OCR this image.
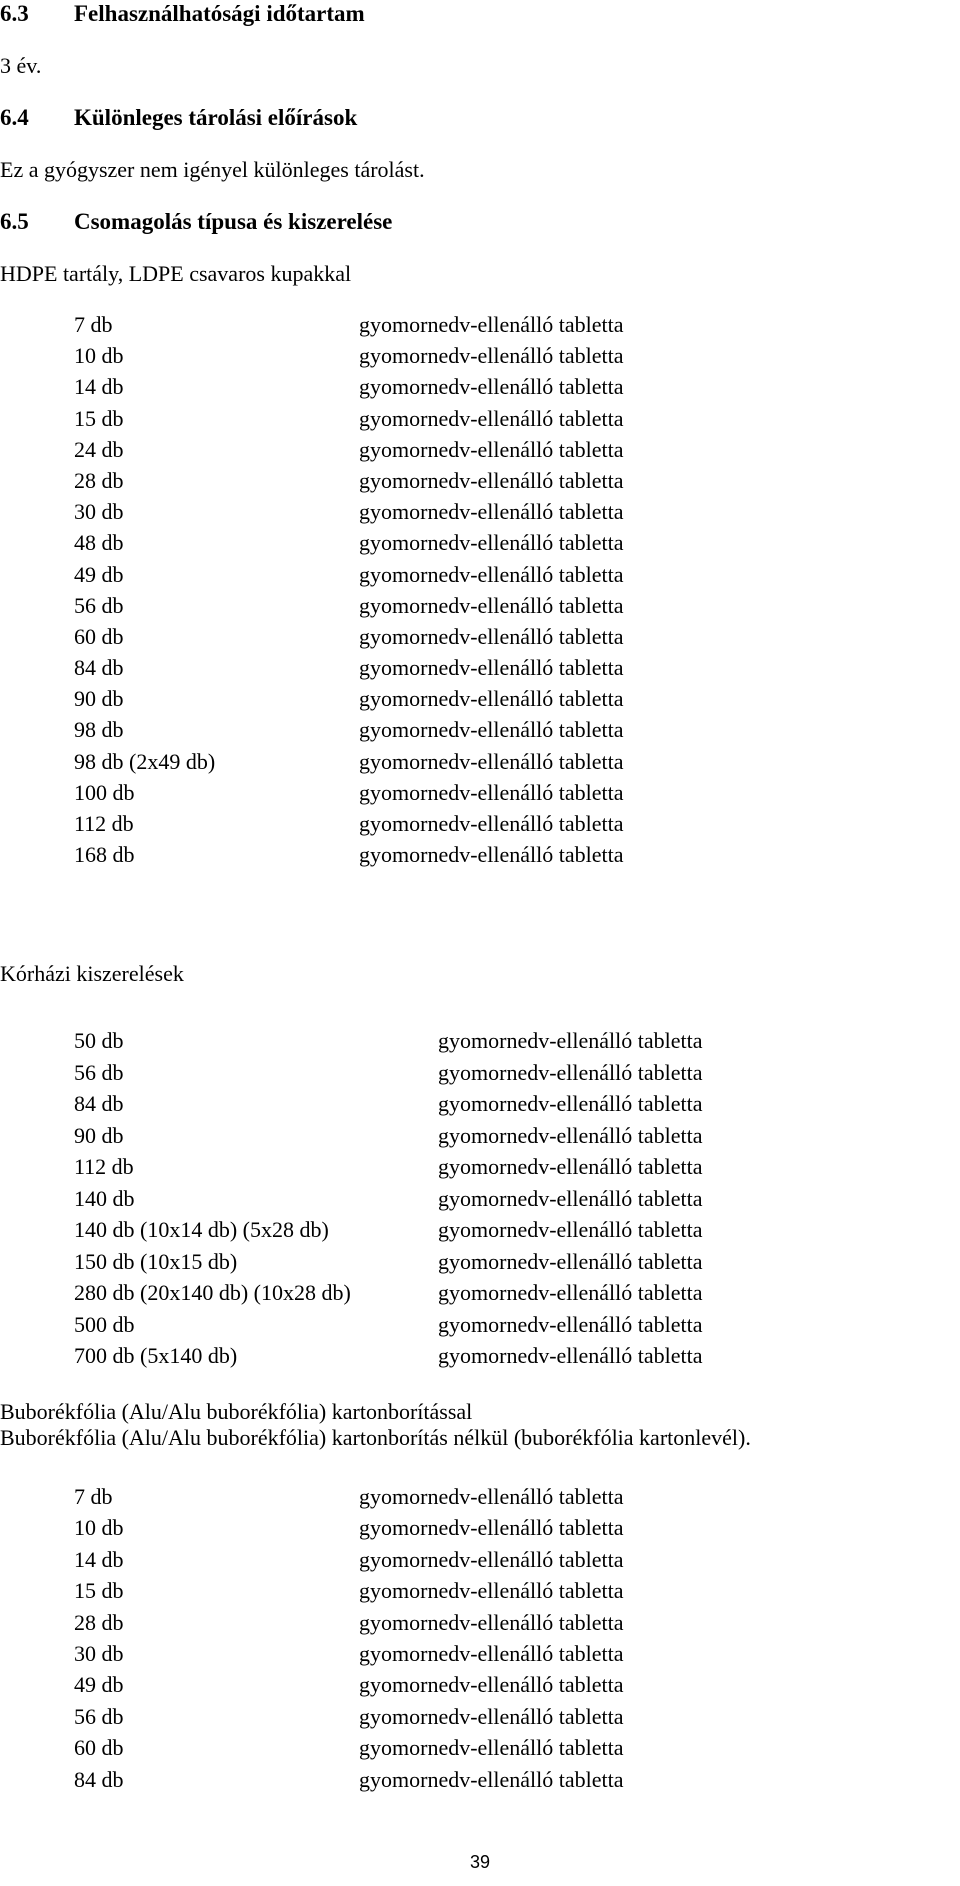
6.3 Felhasználhatósági időtartam
3 év.
6.4 Különleges tárolási előírások
Ez a gyógyszer nem igényel különleges tárolást.
6.5 Csomagolás típusa és kiszerelése
HDPE tartály, LDPE csavaros kupakkal
7 db	gyomornedv-ellenálló tabletta
10 db	gyomornedv-ellenálló tabletta
14 db	gyomornedv-ellenálló tabletta
15 db	gyomornedv-ellenálló tabletta
24 db	gyomornedv-ellenálló tabletta
28 db	gyomornedv-ellenálló tabletta
30 db	gyomornedv-ellenálló tabletta
48 db	gyomornedv-ellenálló tabletta
49 db	gyomornedv-ellenálló tabletta
56 db	gyomornedv-ellenálló tabletta
60 db	gyomornedv-ellenálló tabletta
84 db	gyomornedv-ellenálló tabletta
90 db	gyomornedv-ellenálló tabletta
98 db	gyomornedv-ellenálló tabletta
98 db (2x49 db)	gyomornedv-ellenálló tabletta
100 db	gyomornedv-ellenálló tabletta
112 db	gyomornedv-ellenálló tabletta
168 db	gyomornedv-ellenálló tabletta
Kórházi kiszerelések
50 db	gyomornedv-ellenálló tabletta
56 db	gyomornedv-ellenálló tabletta
84 db	gyomornedv-ellenálló tabletta
90 db	gyomornedv-ellenálló tabletta
112 db	gyomornedv-ellenálló tabletta
140 db	gyomornedv-ellenálló tabletta
140 db (10x14 db) (5x28 db)	gyomornedv-ellenálló tabletta
150 db (10x15 db)	gyomornedv-ellenálló tabletta
280 db (20x140 db) (10x28 db)	gyomornedv-ellenálló tabletta
500 db	gyomornedv-ellenálló tabletta
700 db (5x140 db)	gyomornedv-ellenálló tabletta
Buborékfólia (Alu/Alu buborékfólia) kartonborítással
Buborékfólia (Alu/Alu buborékfólia) kartonborítás nélkül (buborékfólia kartonlevél).
7 db	gyomornedv-ellenálló tabletta
10 db	gyomornedv-ellenálló tabletta
14 db	gyomornedv-ellenálló tabletta
15 db	gyomornedv-ellenálló tabletta
28 db	gyomornedv-ellenálló tabletta
30 db	gyomornedv-ellenálló tabletta
49 db	gyomornedv-ellenálló tabletta
56 db	gyomornedv-ellenálló tabletta
60 db	gyomornedv-ellenálló tabletta
84 db	gyomornedv-ellenálló tabletta
39
